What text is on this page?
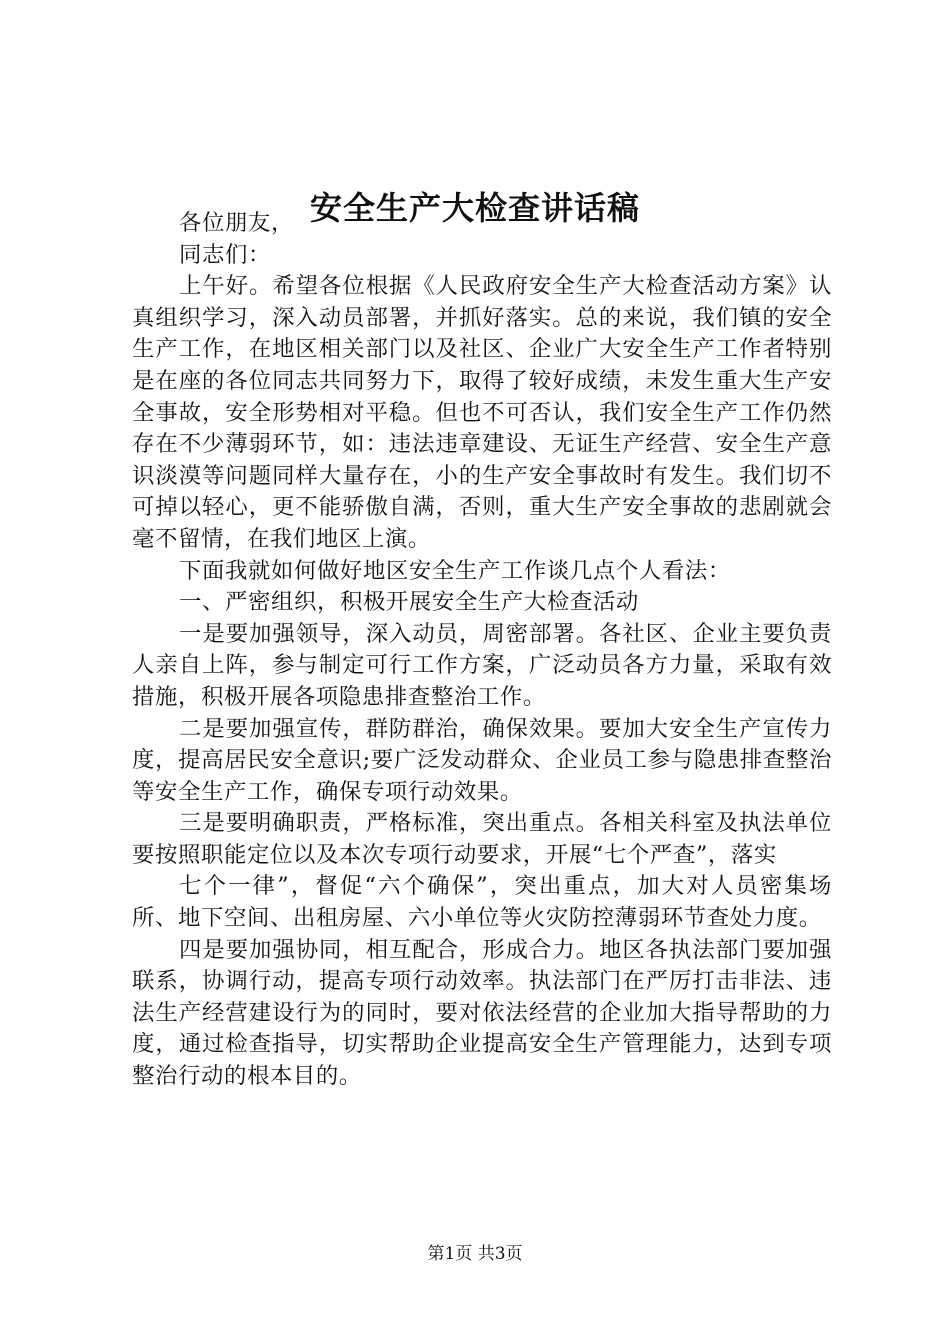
安全生产大检查讲话稿

各位朋友，

同志们：

上午好。希望各位根据《人民政府安全生产大检查活动方案》认真组织学习，深入动员部署，并抓好落实。总的来说，我们镇的安全生产工作，在地区相关部门以及社区、企业广大安全生产工作者特别是在座的各位同志共同努力下，取得了较好成绩，未发生重大生产安全事故，安全形势相对平稳。但也不可否认，我们安全生产工作仍然存在不少薄弱环节，如：违法违章建设、无证生产经营、安全生产意识淡漠等问题同样大量存在，小的生产安全事故时有发生。我们切不可掉以轻心，更不能骄傲自满，否则，重大生产安全事故的悲剧就会毫不留情，在我们地区上演。

下面我就如何做好地区安全生产工作谈几点个人看法：

一、严密组织，积极开展安全生产大检查活动

一是要加强领导，深入动员，周密部署。各社区、企业主要负责人亲自上阵，参与制定可行工作方案，广泛动员各方力量，采取有效措施，积极开展各项隐患排查整治工作。

二是要加强宣传，群防群治，确保效果。要加大安全生产宣传力度，提高居民安全意识;要广泛发动群众、企业员工参与隐患排查整治等安全生产工作，确保专项行动效果。

三是要明确职责，严格标准，突出重点。各相关科室及执法单位要按照职能定位以及本次专项行动要求，开展“七个严查”，落实

七个一律”，督促“六个确保”，突出重点，加大对人员密集场所、地下空间、出租房屋、六小单位等火灾防控薄弱环节查处力度。

四是要加强协同，相互配合，形成合力。地区各执法部门要加强联系，协调行动，提高专项行动效率。执法部门在严厉打击非法、违法生产经营建设行为的同时，要对依法经营的企业加大指导帮助的力度，通过检查指导，切实帮助企业提高安全生产管理能力，达到专项整治行动的根本目的。

第1页 共3页
